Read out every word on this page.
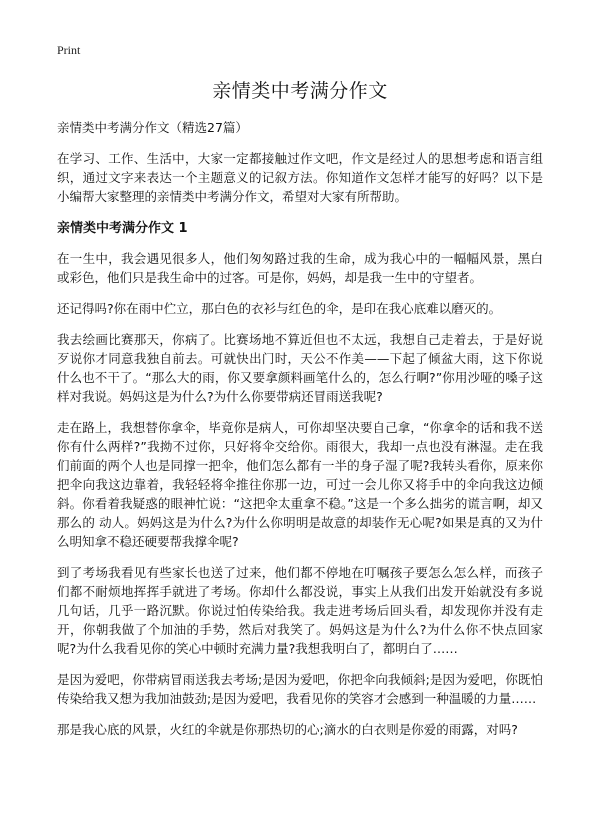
Print
亲情类中考满分作文

亲情类中考满分作文（精选27篇）

在学习、工作、生活中，大家一定都接触过作文吧，作文是经过人的思想考虑和语言组织，通过文字来表达一个主题意义的记叙方法。你知道作文怎样才能写的好吗？以下是小编帮大家整理的亲情类中考满分作文，希望对大家有所帮助。

亲情类中考满分作文 1

在一生中，我会遇见很多人，他们匆匆路过我的生命，成为我心中的一幅幅风景，黑白或彩色，他们只是我生命中的过客。可是你，妈妈，却是我一生中的守望者。

还记得吗?你在雨中伫立，那白色的衣衫与红色的伞，是印在我心底难以磨灭的。

我去绘画比赛那天，你病了。比赛场地不算近但也不太远，我想自己走着去，于是好说歹说你才同意我独自前去。可就快出门时，天公不作美——下起了倾盆大雨，这下你说什么也不干了。“那么大的雨，你又要拿颜料画笔什么的，怎么行啊?”你用沙哑的嗓子这样对我说。妈妈这是为什么?为什么你要带病还冒雨送我呢?

走在路上，我想替你拿伞，毕竟你是病人，可你却坚决要自己拿，“你拿伞的话和我不送你有什么两样?”我拗不过你，只好将伞交给你。雨很大，我却一点也没有淋湿。走在我们前面的两个人也是同撑一把伞，他们怎么都有一半的身子湿了呢?我转头看你，原来你把伞向我这边靠着，我轻轻将伞推往你那一边，可过一会儿你又将手中的伞向我这边倾斜。你看着我疑惑的眼神忙说：“这把伞太重拿不稳。”这是一个多么拙劣的谎言啊，却又那么的 动人。妈妈这是为什么?为什么你明明是故意的却装作无心呢?如果是真的又为什么明知拿不稳还硬要帮我撑伞呢?

到了考场我看见有些家长也送了过来，他们都不停地在叮嘱孩子要怎么怎么样，而孩子们都不耐烦地挥挥手就进了考场。你却什么都没说，事实上从我们出发开始就没有多说几句话，几乎一路沉默。你说过怕传染给我。我走进考场后回头看，却发现你并没有走开，你朝我做了个加油的手势，然后对我笑了。妈妈这是为什么?为什么你不快点回家呢?为什么我看见你的笑心中顿时充满力量?我想我明白了，都明白了……

是因为爱吧，你带病冒雨送我去考场;是因为爱吧，你把伞向我倾斜;是因为爱吧，你既怕传染给我又想为我加油鼓劲;是因为爱吧，我看见你的笑容才会感到一种温暖的力量……

那是我心底的风景，火红的伞就是你那热切的心;滴水的白衣则是你爱的雨露，对吗?
